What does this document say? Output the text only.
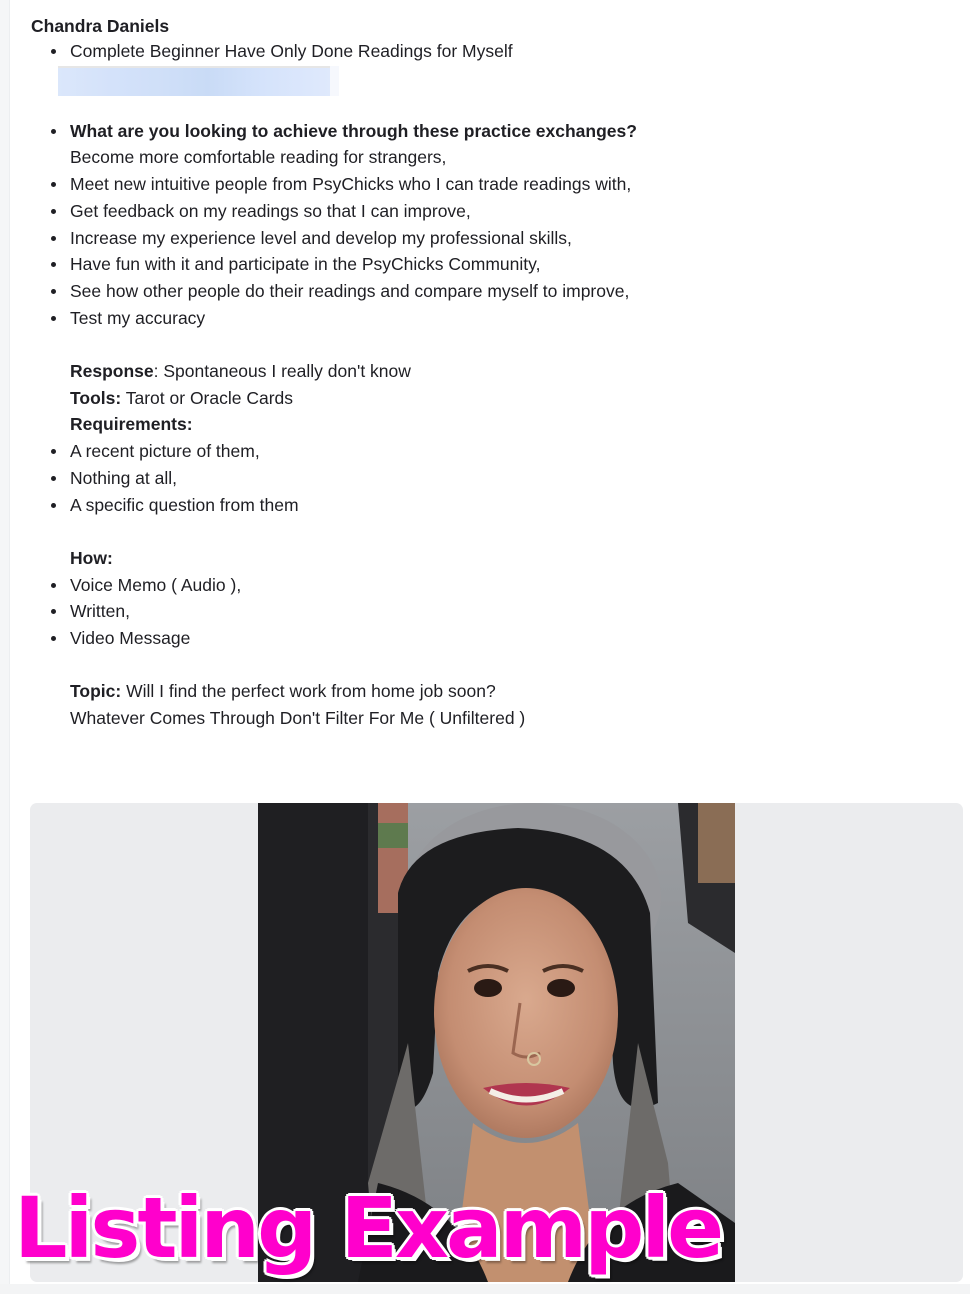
Chandra Daniels

Complete Beginner Have Only Done Readings for Myself
What are you looking to achieve through these practice exchanges?

Become more comfortable reading for strangers,

Meet new intuitive people from PsyChicks who I can trade readings with,
Get feedback on my readings so that I can improve,
Increase my experience level and develop my professional skills,
Have fun with it and participate in the PsyChicks Community,
See how other people do their readings and compare myself to improve,
Test my accuracy

Response: Spontaneous I really don't know

Tools: Tarot or Oracle Cards

Requirements:

A recent picture of them,
Nothing at all,
A specific question from them

How:

Voice Memo ( Audio ),
Written,
Video Message

Topic: Will I find the perfect work from home job soon?

Whatever Comes Through Don't Filter For Me ( Unfiltered )

Listing Example
